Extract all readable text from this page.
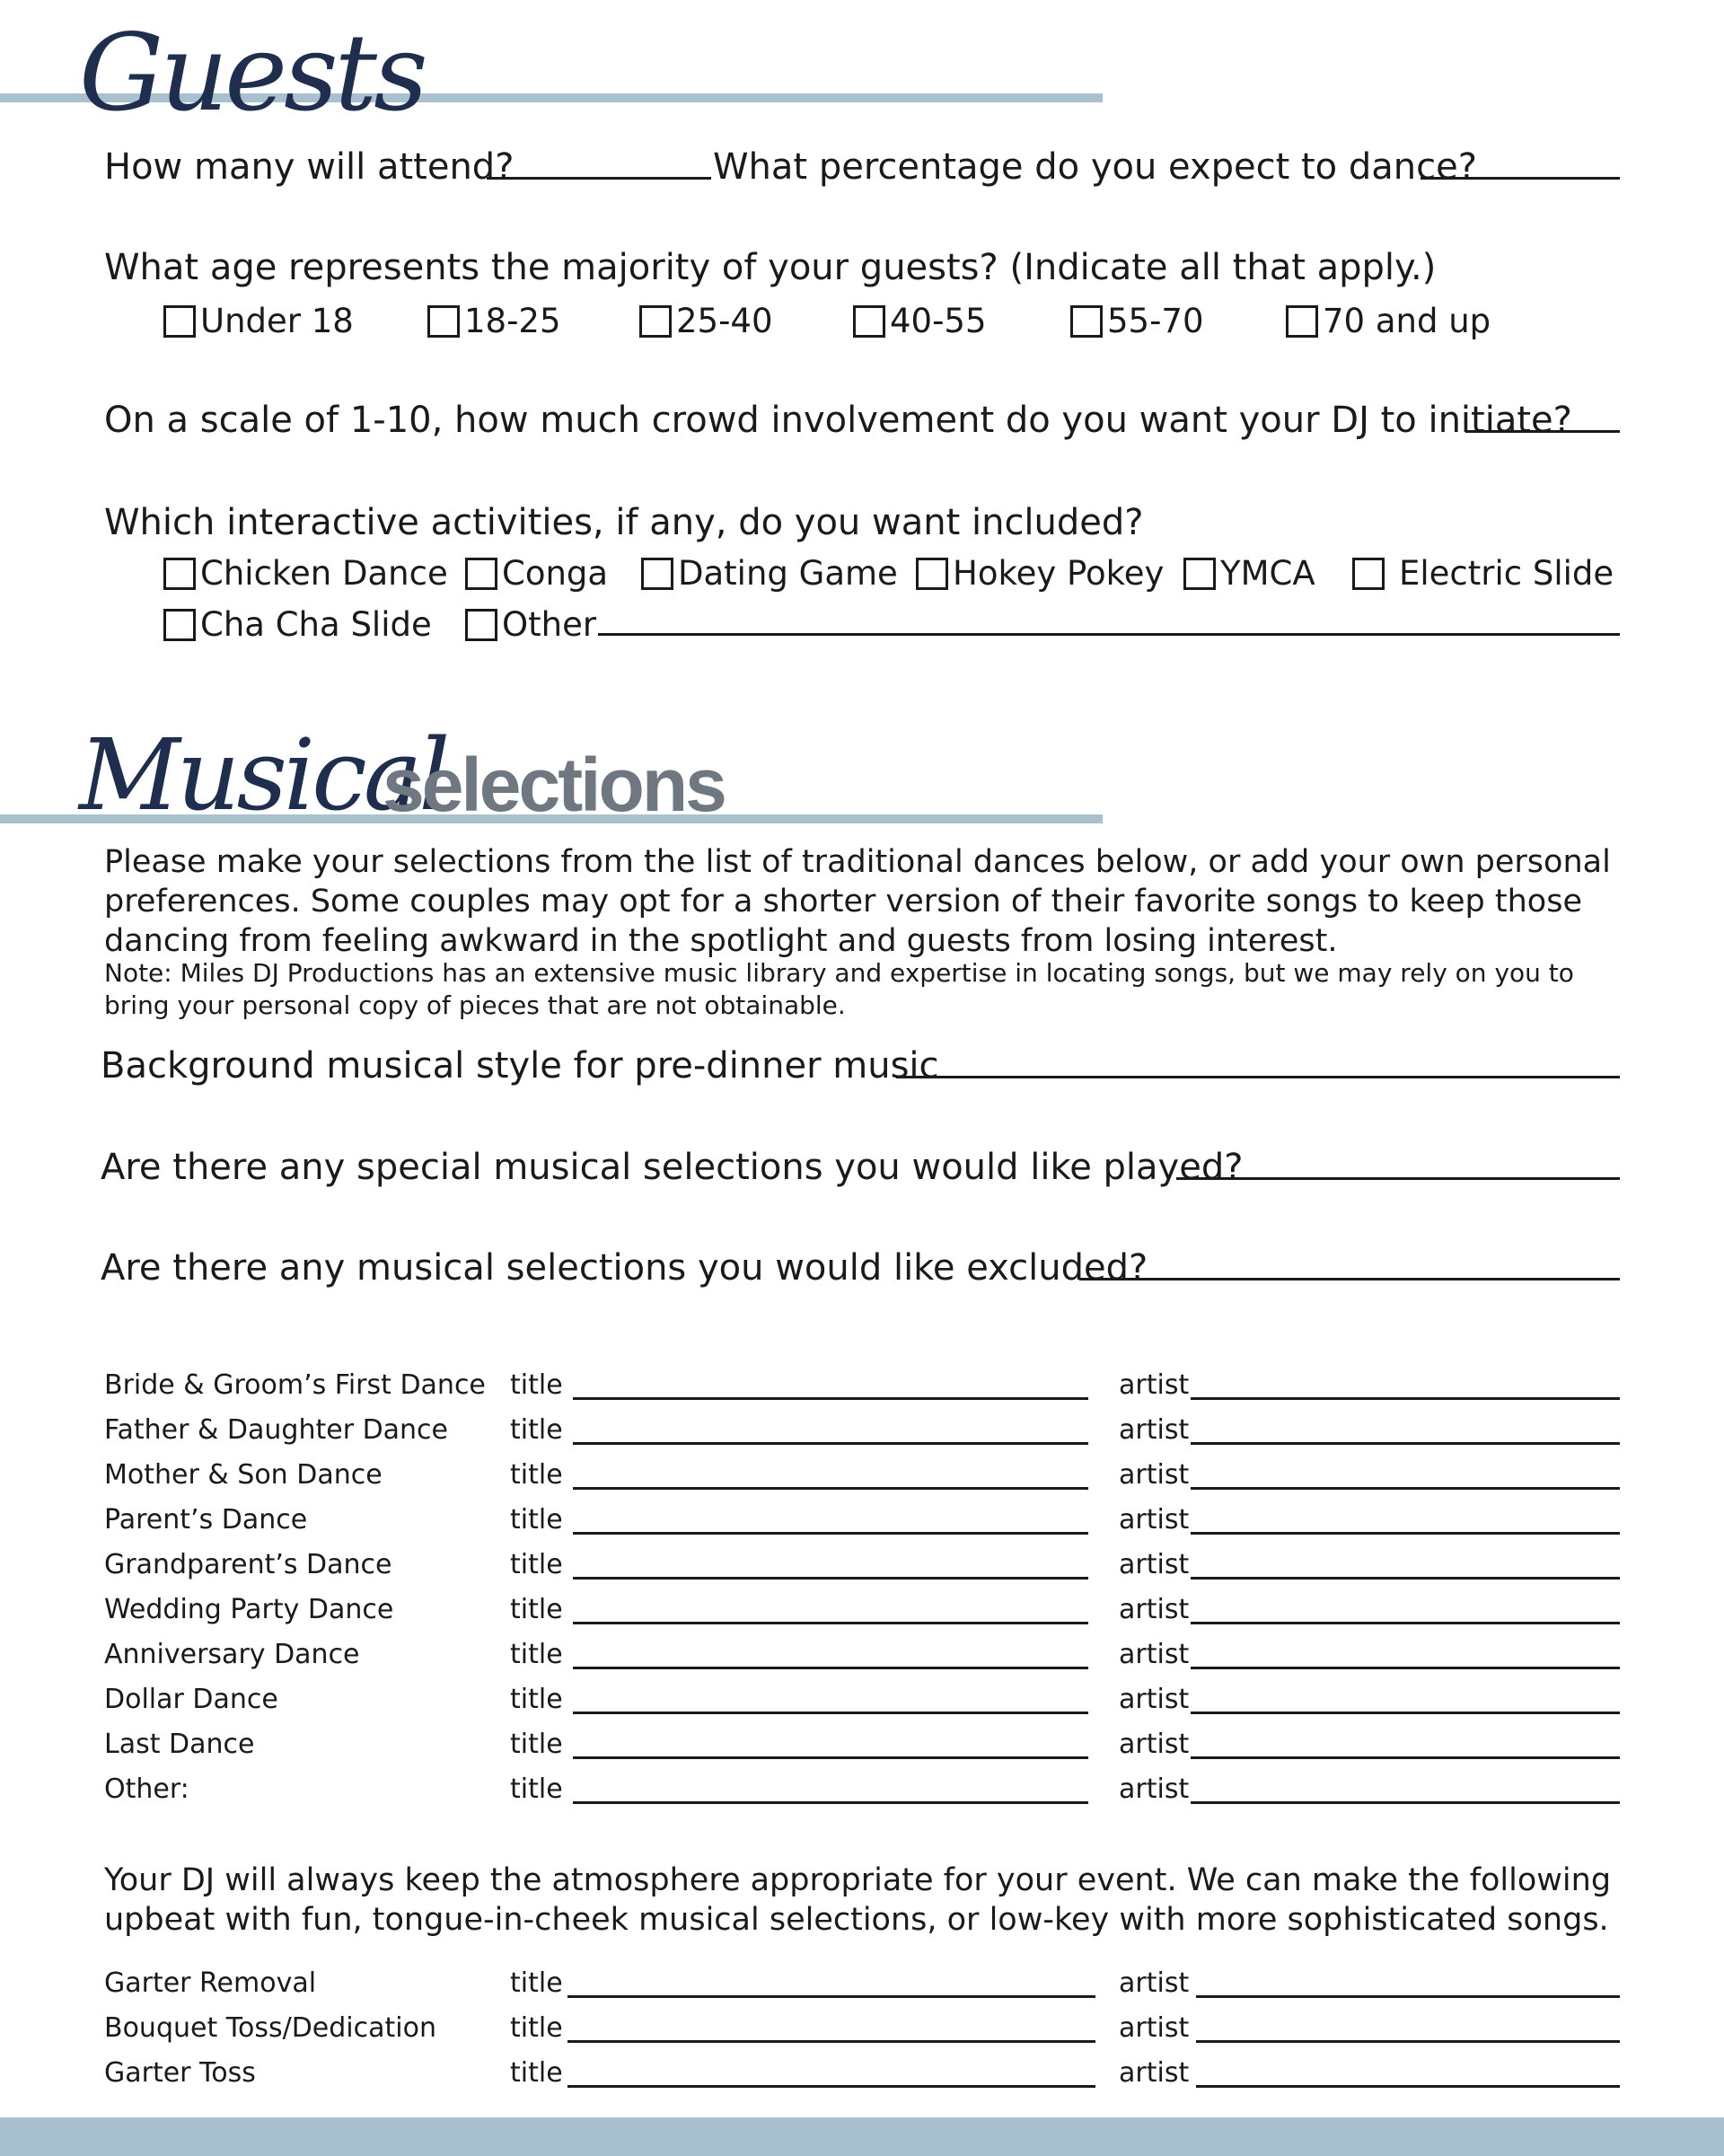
Guests
How many will attend?	What percentage do you expect to dance?
What age represents the majority of your guests? (Indicate all that apply.)
Under 18	18-25	25-40	40-55	55-70	70 and up
On a scale of 1-10, how much crowd involvement do you want your DJ to initiate?
Which interactive activities, if any, do you want included?
Chicken Dance Conga Dating Game Hokey Pokey YMCA	Electric Slide
Cha Cha Slide Other
Musical
selections
Please make your selections from the list of traditional dances below, or add your own personal preferences. Some couples may opt for a shorter version of their favorite songs to keep those dancing from feeling awkward in the spotlight and guests from losing interest.
Note: Miles DJ Productions has an extensive music library and expertise in locating songs, but we may rely on you to bring your personal copy of pieces that are not obtainable.
Background musical style for pre-dinner music
Are there any special musical selections you would like played?
Are there any musical selections you would like excluded?
Bride & Groom’s First Dance title	artist
Father & Daughter Dance title	artist
Mother & Son Dance	title	artist
Parent’s Dance	title	artist
Grandparent’s Dance	title	artist
Wedding Party Dance	title	artist
Anniversary Dance	title	artist
Dollar Dance	title	artist
Last Dance	title	artist
Other:	title	artist
Your DJ will always keep the atmosphere appropriate for your event. We can make the following upbeat with fun, tongue-in-cheek musical selections, or low-key with more sophisticated songs.
Garter Removal	title	artist
Bouquet Toss/Dedication	title	artist
Garter Toss	title	artist
